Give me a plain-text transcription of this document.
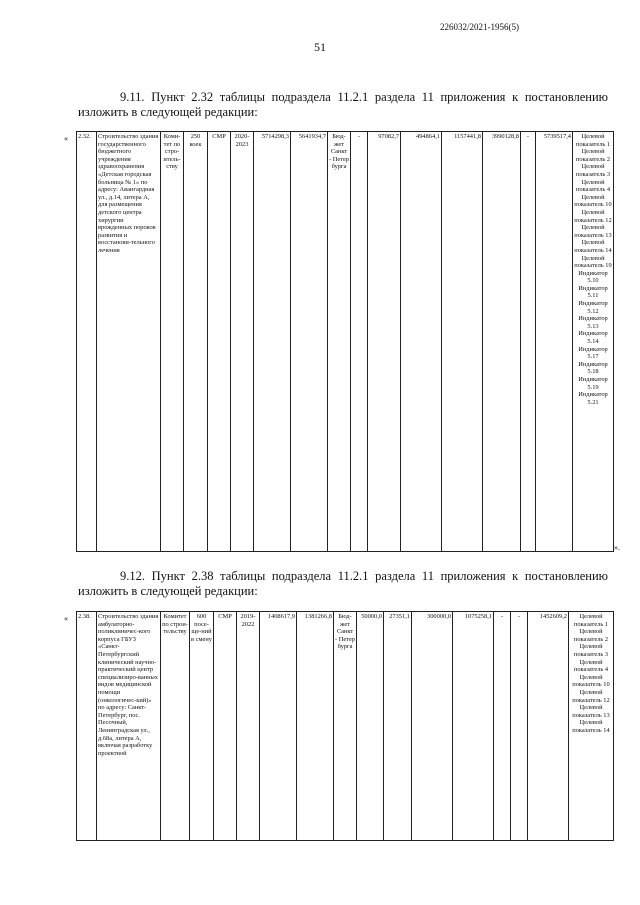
226032/2021-1956(5)
51
9.11. Пункт 2.32 таблицы подраздела 11.2.1 раздела 11 приложения к постановлению изложить в следующей редакции:
« 2.32.	Строительство здания государственного бюджетного учреждения здравоохранения «Детская городская больница № 1» по адресу: Авангардная ул., д.14, литера А, для размещения детского центра хирургии врожденных пороков развития и восстанови-тельного лечения	Коми-тет по стро-итель-ству	250 коек	СМР	2020-2023	5714298,3	5641934,7	Бюд-жет Санкт - Петер бурга	-	97082,7	494864,1	1157441,8	3990128,8	-	5739517,4	Целевой показатель 1
Целевой показатель 2
Целевой показатель 3
Целевой показатель 4
Целевой показатель 10
Целевой показатель 12
Целевой показатель 13
Целевой показатель 14
Целевой показатель 19
Индикатор 5.10
Индикатор 5.11
Индикатор 5.12
Индикатор 5.13
Индикатор 5.14
Индикатор 5.17
Индикатор 5.18
Индикатор 5.19
Индикатор 5.21
».
9.12. Пункт 2.38 таблицы подраздела 11.2.1 раздела 11 приложения к постановлению изложить в следующей редакции:
« 2.38.	Строительство здания амбулаторно-поликлиничес-кого корпуса ГБУЗ «Санкт-Петербургский клинический научно-практический центр специализиро-ванных видов медицинской помощи (онкологичес-кий)» по адресу: Санкт-Петербург, пос. Песочный, Ленинградская ул., д.68а, литера А, включая разработку проектной	Комитет по строи-тельству	600 посе-ще-ний в смену	СМР	2019-2022	1408617,9	1381266,8	Бюд-жет Санкт - Петер бурга	50000,0	27351,1	300000,0	1075258,1	-	-	1452609,2	Целевой показатель 1
Целевой показатель 2
Целевой показатель 3
Целевой показатель 4
Целевой показатель 10
Целевой показатель 12
Целевой показатель 13
Целевой показатель 14
